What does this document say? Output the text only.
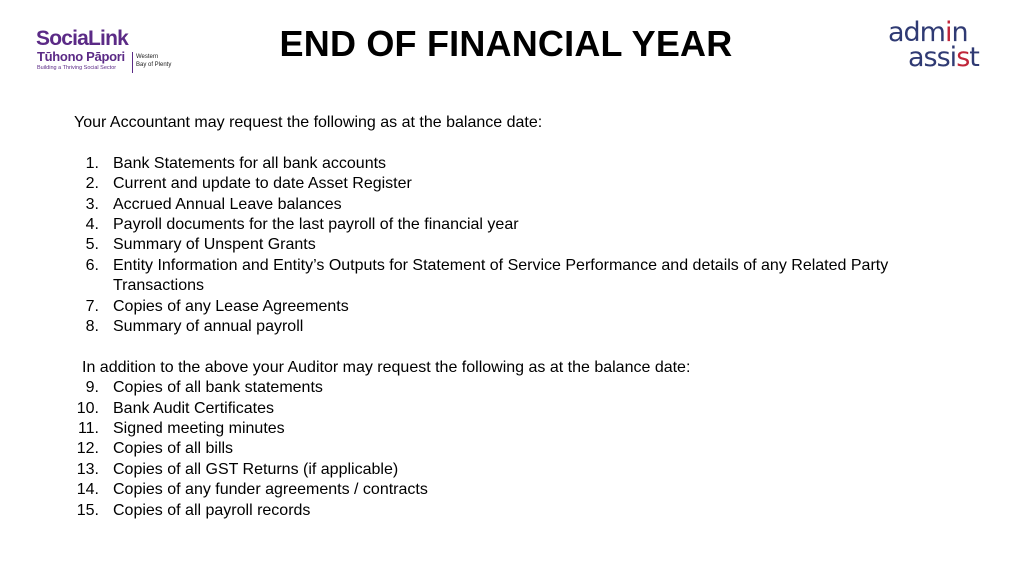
SociaLink
Tūhono Pāpori
Building a Thriving Social Sector
Western
Bay of Plenty
END OF FINANCIAL YEAR	admin
assist

Your Accountant may request the following as at the balance date:

1. Bank Statements for all bank accounts
2. Current and update to date Asset Register
3. Accrued Annual Leave balances
4. Payroll documents for the last payroll of the financial year
5. Summary of Unspent Grants
6. Entity Information and Entity’s Outputs for Statement of Service Performance and details of any Related Party Transactions
7. Copies of any Lease Agreements
8. Summary of annual payroll

In addition to the above your Auditor may request the following as at the balance date:

9. Copies of all bank statements
10. Bank Audit Certificates
11. Signed meeting minutes
12. Copies of all bills
13. Copies of all GST Returns (if applicable)
14. Copies of any funder agreements / contracts
15. Copies of all payroll records
